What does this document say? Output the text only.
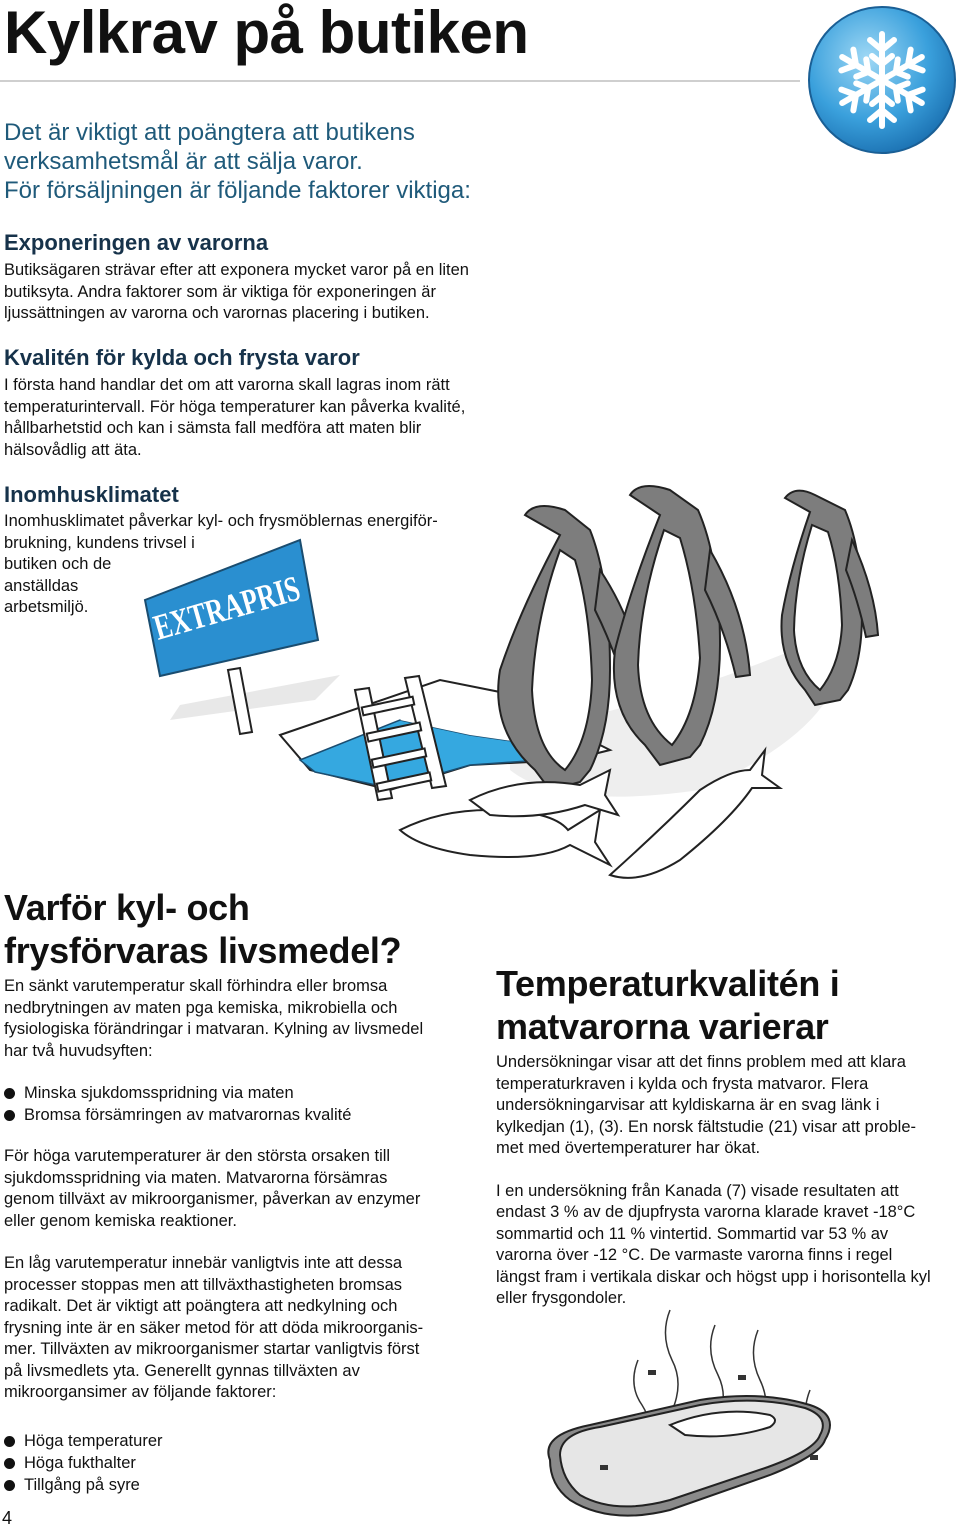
Kylkrav på butiken

Det är viktigt att poängtera att butikens

verksamhetsmål är att sälja varor.

För försäljningen är följande faktorer viktiga:

Exponeringen av varorna
Butiksägaren strävar efter att exponera mycket varor på en liten
butiksyta. Andra faktorer som är viktiga för exponeringen är
ljussättningen av varorna och varornas placering i butiken.
Kvalitén för kylda och frysta varor
I första hand handlar det om att varorna skall lagras inom rätt
temperaturintervall. För höga temperaturer kan påverka kvalité,
hållbarhetstid och kan i sämsta fall medföra att maten blir
hälsovådlig att äta.
Inomhusklimatet
Inomhusklimatet påverkar kyl- och frysmöblernas energiför-
brukning, kundens trivsel i
butiken och de
anställdas
arbetsmiljö.	EXTRAPRIS
Varför kyl- och
frysförvaras livsmedel?
En sänkt varutemperatur skall förhindra eller bromsa
nedbrytningen av maten pga kemiska, mikrobiella och
fysiologiska förändringar i matvaran. Kylning av livsmedel
har två huvudsyften:
Minska sjukdomsspridning via maten
Bromsa försämringen av matvarornas kvalité
För höga varutemperaturer är den största orsaken till
sjukdomsspridning via maten. Matvarorna försämras
genom tillväxt av mikroorganismer, påverkan av enzymer
eller genom kemiska reaktioner.
En låg varutemperatur innebär vanligtvis inte att dessa
processer stoppas men att tillväxthastigheten bromsas
radikalt. Det är viktigt att poängtera att nedkylning och
frysning inte är en säker metod för att döda mikroorganis-
mer. Tillväxten av mikroorganismer startar vanligtvis först
på livsmedlets yta. Generellt gynnas tillväxten av
mikroorgansimer av följande faktorer:
Höga temperaturer
Höga fukthalter
Tillgång på syre
Temperaturkvalitén i
matvarorna varierar
Undersökningar visar att det finns problem med att klara
temperaturkraven i kylda och frysta matvaror. Flera
undersökningarvisar att kyldiskarna är en svag länk i
kylkedjan (1), (3). En norsk fältstudie (21) visar att proble-
met med övertemperaturer har ökat.
I en undersökning från Kanada (7) visade resultaten att
endast 3 % av de djupfrysta varorna klarade kravet -18°C
sommartid och 11 % vintertid. Sommartid var 53 % av
varorna över -12 °C. De varmaste varorna finns i regel
längst fram i vertikala diskar och högst upp i horisontella kyl
eller frysgondoler.
4
